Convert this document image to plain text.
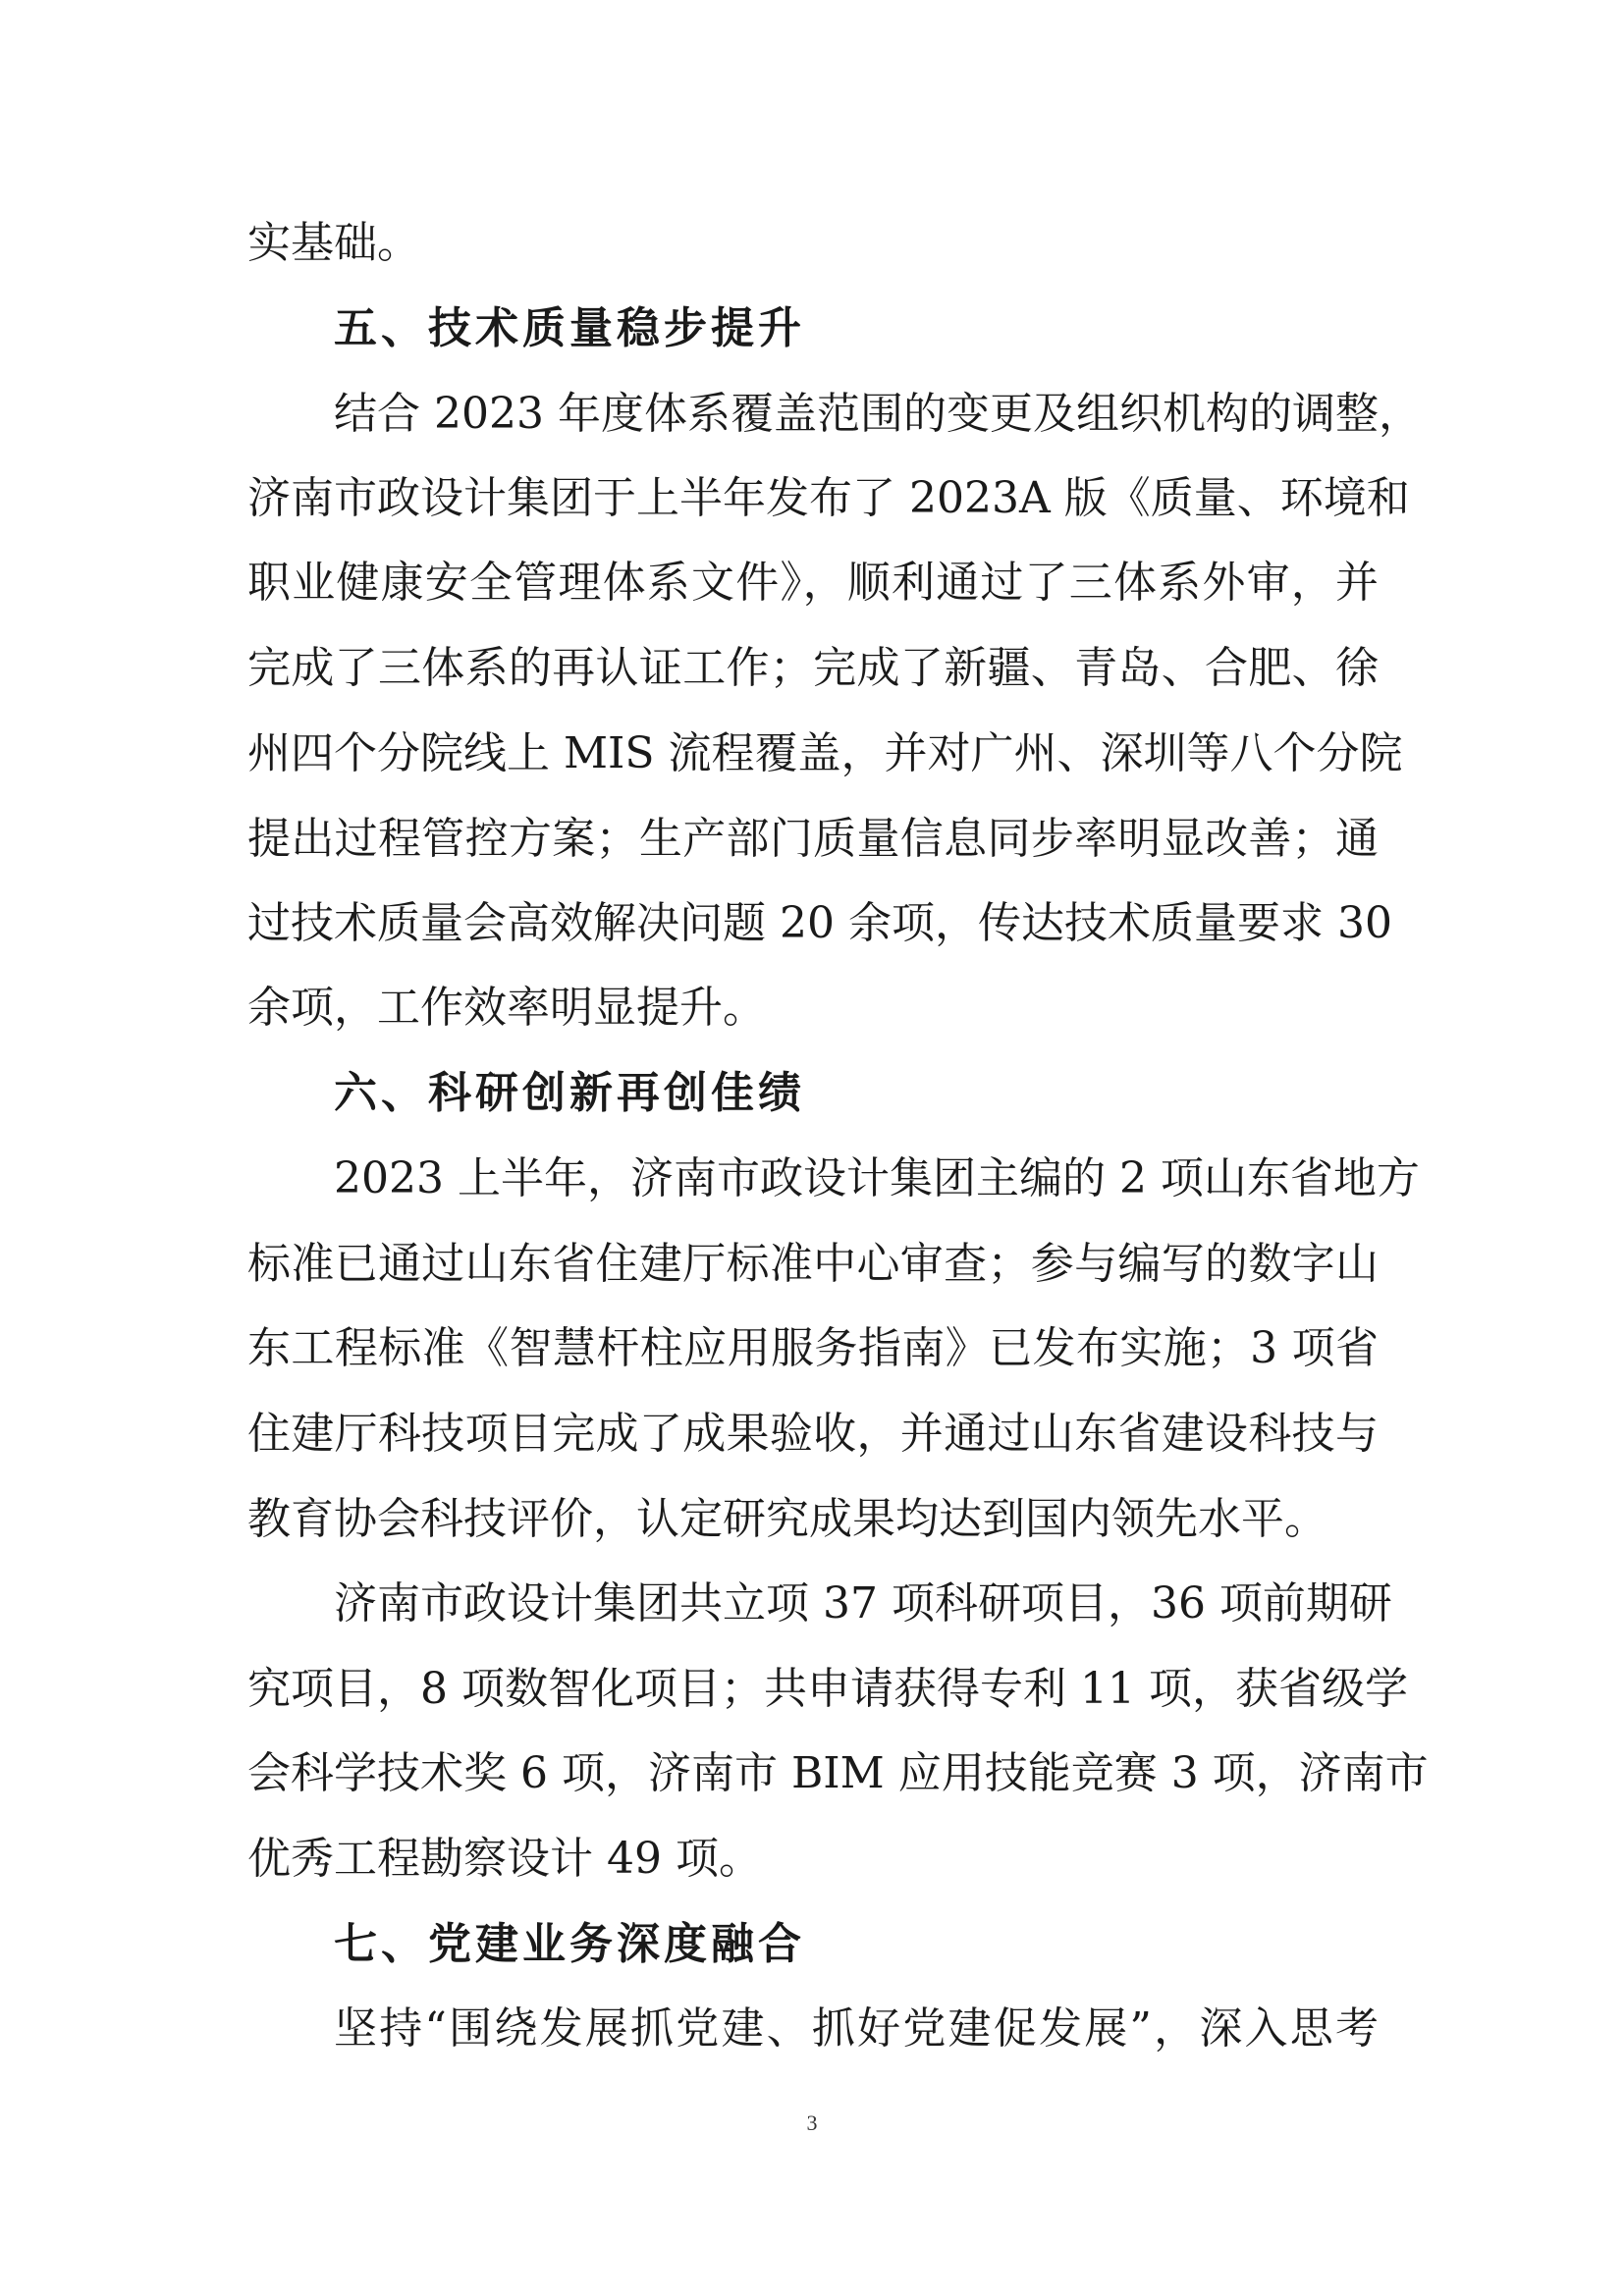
实基础。
五、技术质量稳步提升
结合 2023 年度体系覆盖范围的变更及组织机构的调整，
济南市政设计集团于上半年发布了 2023A 版《质量、环境和
职业健康安全管理体系文件》，顺利通过了三体系外审，并
完成了三体系的再认证工作；完成了新疆、青岛、合肥、徐
州四个分院线上 MIS 流程覆盖，并对广州、深圳等八个分院
提出过程管控方案；生产部门质量信息同步率明显改善；通
过技术质量会高效解决问题 20 余项，传达技术质量要求 30
余项，工作效率明显提升。
六、科研创新再创佳绩
2023 上半年，济南市政设计集团主编的 2 项山东省地方
标准已通过山东省住建厅标准中心审查；参与编写的数字山
东工程标准《智慧杆柱应用服务指南》已发布实施；3 项省
住建厅科技项目完成了成果验收，并通过山东省建设科技与
教育协会科技评价，认定研究成果均达到国内领先水平。
济南市政设计集团共立项 37 项科研项目，36 项前期研
究项目，8 项数智化项目；共申请获得专利 11 项，获省级学
会科学技术奖 6 项，济南市 BIM 应用技能竞赛 3 项，济南市
优秀工程勘察设计 49 项。
七、党建业务深度融合
坚持“围绕发展抓党建、抓好党建促发展”，深入思考
3
